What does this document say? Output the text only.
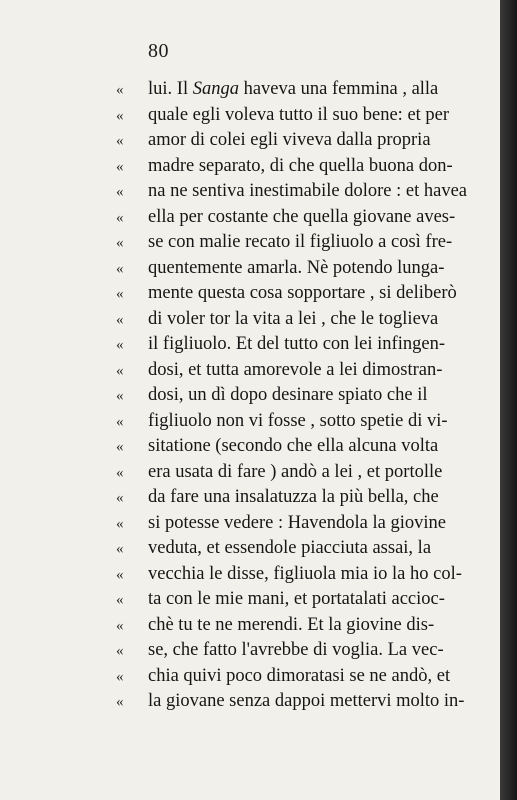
80
«	lui. Il Sanga haveva una femmina , alla
«	quale egli voleva tutto il suo bene: et per
«	amor di colei egli viveva dalla propria
«	madre separato, di che quella buona don-
«	na ne sentiva inestimabile dolore : et havea
«	ella per costante che quella giovane aves-
«	se con malie recato il figliuolo a così fre-
«	quentemente amarla. Nè potendo lunga-
«	mente questa cosa sopportare , si deliberò
«	di voler tor la vita a lei , che le toglieva
«	il figliuolo. Et del tutto con lei infingen-
«	dosi, et tutta amorevole a lei dimostran-
«	dosi, un dì dopo desinare spiato che il
«	figliuolo non vi fosse , sotto spetie di vi-
«	sitatione (secondo che ella alcuna volta
«	era usata di fare ) andò a lei , et portolle
«	da fare una insalatuzza la più bella, che
«	si potesse vedere : Havendola la giovine
«	veduta, et essendole piacciuta assai, la
«	vecchia le disse, figliuola mia io la ho col-
«	ta con le mie mani, et portatalati accioc-
«	chè tu te ne merendi. Et la giovine dis-
«	se, che fatto l'avrebbe di voglia. La vec-
«	chia quivi poco dimoratasi se ne andò, et
«	la giovane senza dappoi mettervi molto in-
